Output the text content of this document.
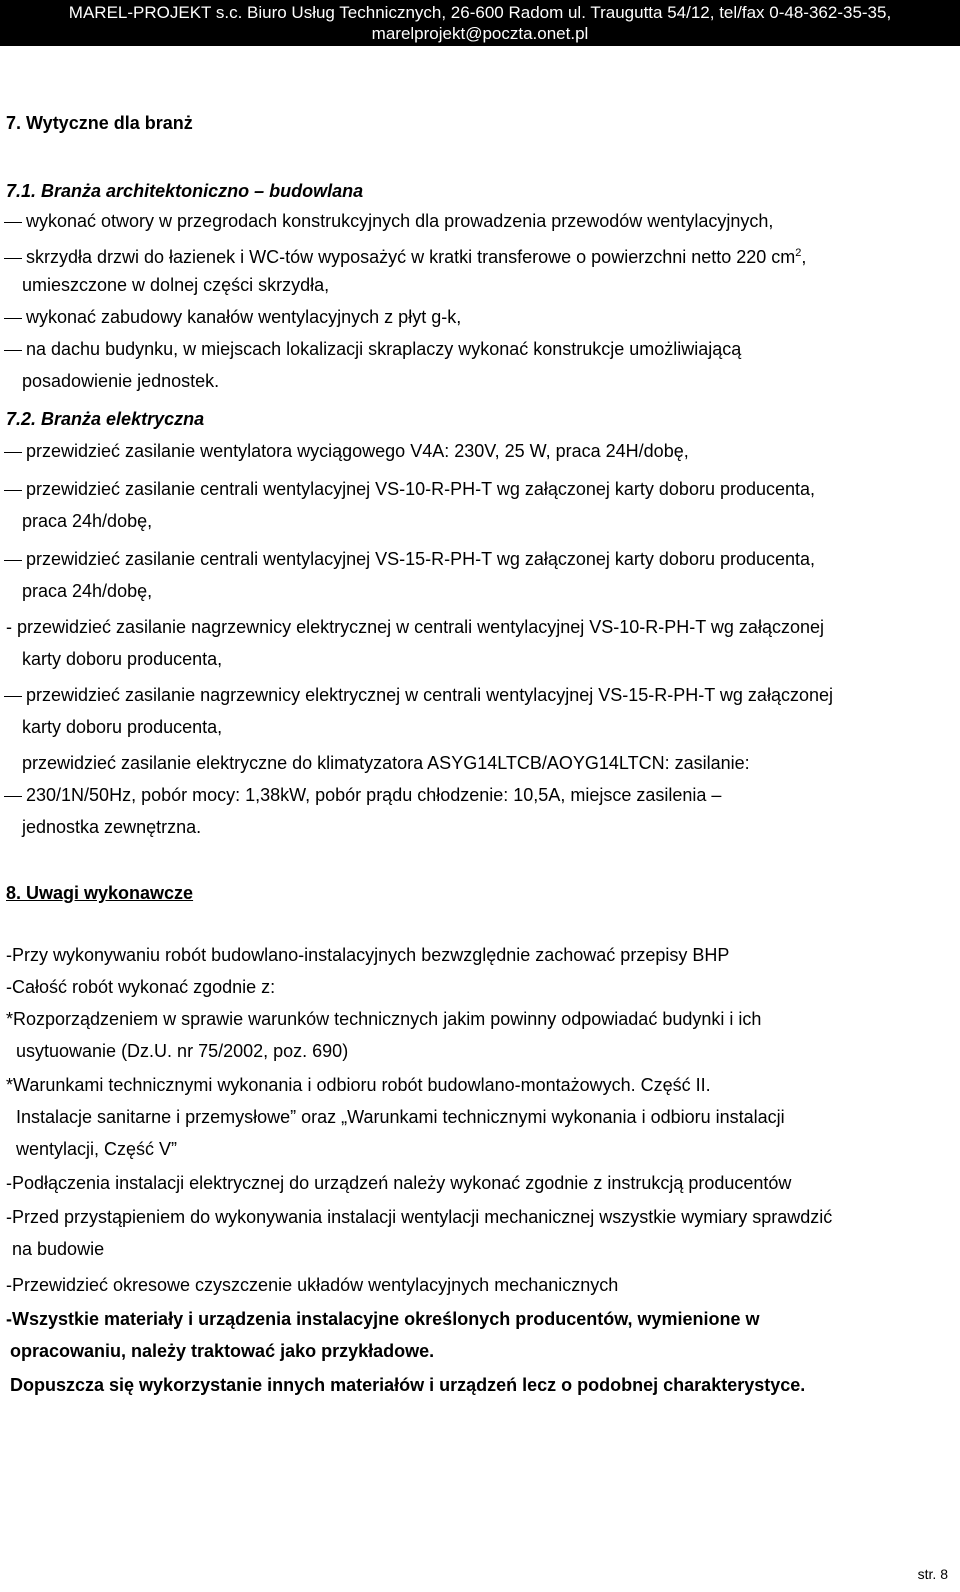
MAREL-PROJEKT s.c. Biuro Usług Technicznych, 26-600 Radom ul. Traugutta 54/12, tel/fax 0-48-362-35-35,
marelprojekt@poczta.onet.pl
7. Wytyczne dla branż
7.1. Branża architektoniczno – budowlana
wykonać otwory w przegrodach konstrukcyjnych dla prowadzenia przewodów wentylacyjnych,
skrzydła drzwi do łazienek i WC-tów wyposażyć w kratki transferowe o powierzchni netto 220 $cm^2$,
umieszczone w dolnej części skrzydła,
wykonać zabudowy kanałów wentylacyjnych z płyt g-k,
na dachu budynku, w miejscach lokalizacji skraplaczy wykonać konstrukcje umożliwiającą
posadowienie jednostek.
7.2. Branża elektryczna
przewidzieć zasilanie wentylatora wyciągowego V4A: 230V, 25 W, praca 24H/dobę,
przewidzieć zasilanie centrali wentylacyjnej VS-10-R-PH-T wg załączonej karty doboru producenta,
praca 24h/dobę,
przewidzieć zasilanie centrali wentylacyjnej VS-15-R-PH-T wg załączonej karty doboru producenta,
praca 24h/dobę,
- przewidzieć zasilanie nagrzewnicy elektrycznej w centrali wentylacyjnej VS-10-R-PH-T wg załączonej
karty doboru producenta,
przewidzieć zasilanie nagrzewnicy elektrycznej w centrali wentylacyjnej VS-15-R-PH-T wg załączonej
karty doboru producenta,
przewidzieć zasilanie elektryczne do klimatyzatora ASYG14LTCB/AOYG14LTCN: zasilanie:
230/1N/50Hz, pobór mocy: 1,38kW, pobór prądu chłodzenie: 10,5A, miejsce zasilenia –
jednostka zewnętrzna.
8. Uwagi wykonawcze
-Przy wykonywaniu robót budowlano-instalacyjnych bezwzględnie zachować przepisy BHP
-Całość robót wykonać zgodnie z:
*Rozporządzeniem w sprawie warunków technicznych jakim powinny odpowiadać budynki i ich
usytuowanie (Dz.U. nr 75/2002, poz. 690)
*Warunkami technicznymi wykonania i odbioru robót budowlano-montażowych. Część II.
Instalacje sanitarne i przemysłowe” oraz „Warunkami technicznymi wykonania i odbioru instalacji
wentylacji, Część V”
-Podłączenia instalacji elektrycznej do urządzeń należy wykonać zgodnie z instrukcją producentów
-Przed przystąpieniem do wykonywania instalacji wentylacji mechanicznej wszystkie wymiary sprawdzić
na budowie
-Przewidzieć okresowe czyszczenie układów wentylacyjnych mechanicznych
-Wszystkie materiały i urządzenia instalacyjne określonych producentów, wymienione w
opracowaniu, należy traktować jako przykładowe.
Dopuszcza się wykorzystanie innych materiałów i urządzeń lecz o podobnej charakterystyce.
str. 8
